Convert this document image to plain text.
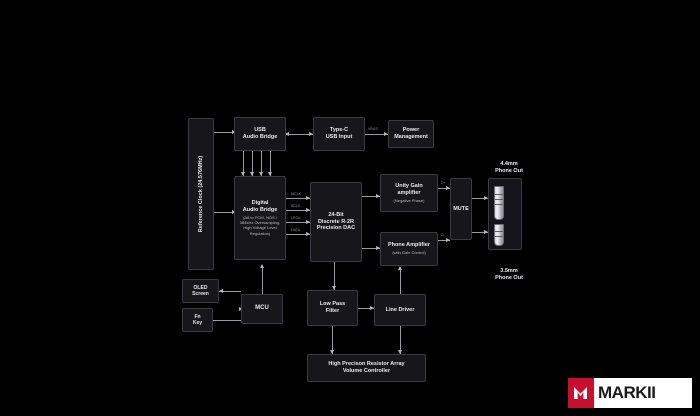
VBUS
MCLK
BCLK
LRCK
DATA
D+
D-
Reference Clock (24.576MHz)
USB
Audio Bridge
Type-C
USB Input
Power
Management
Digital
Audio Bridge
(A8 to PCM, NOS / 384kHz Oversampling, High Voltage Level Regulation)
24-Bit
Discrete R-2R
Precision DAC
Unity Gain
amplifier
(Negative Phase)
Phone Amplifier
(with Gain Control)
MUTE
4.4mm
Phone Out
3.5mm
Phone Out
OLED
Screen
Fn
Key
MCU
Low Pass
Filter	Line Driver
High Precison Resistor Array
Volume Controller
MARKII
